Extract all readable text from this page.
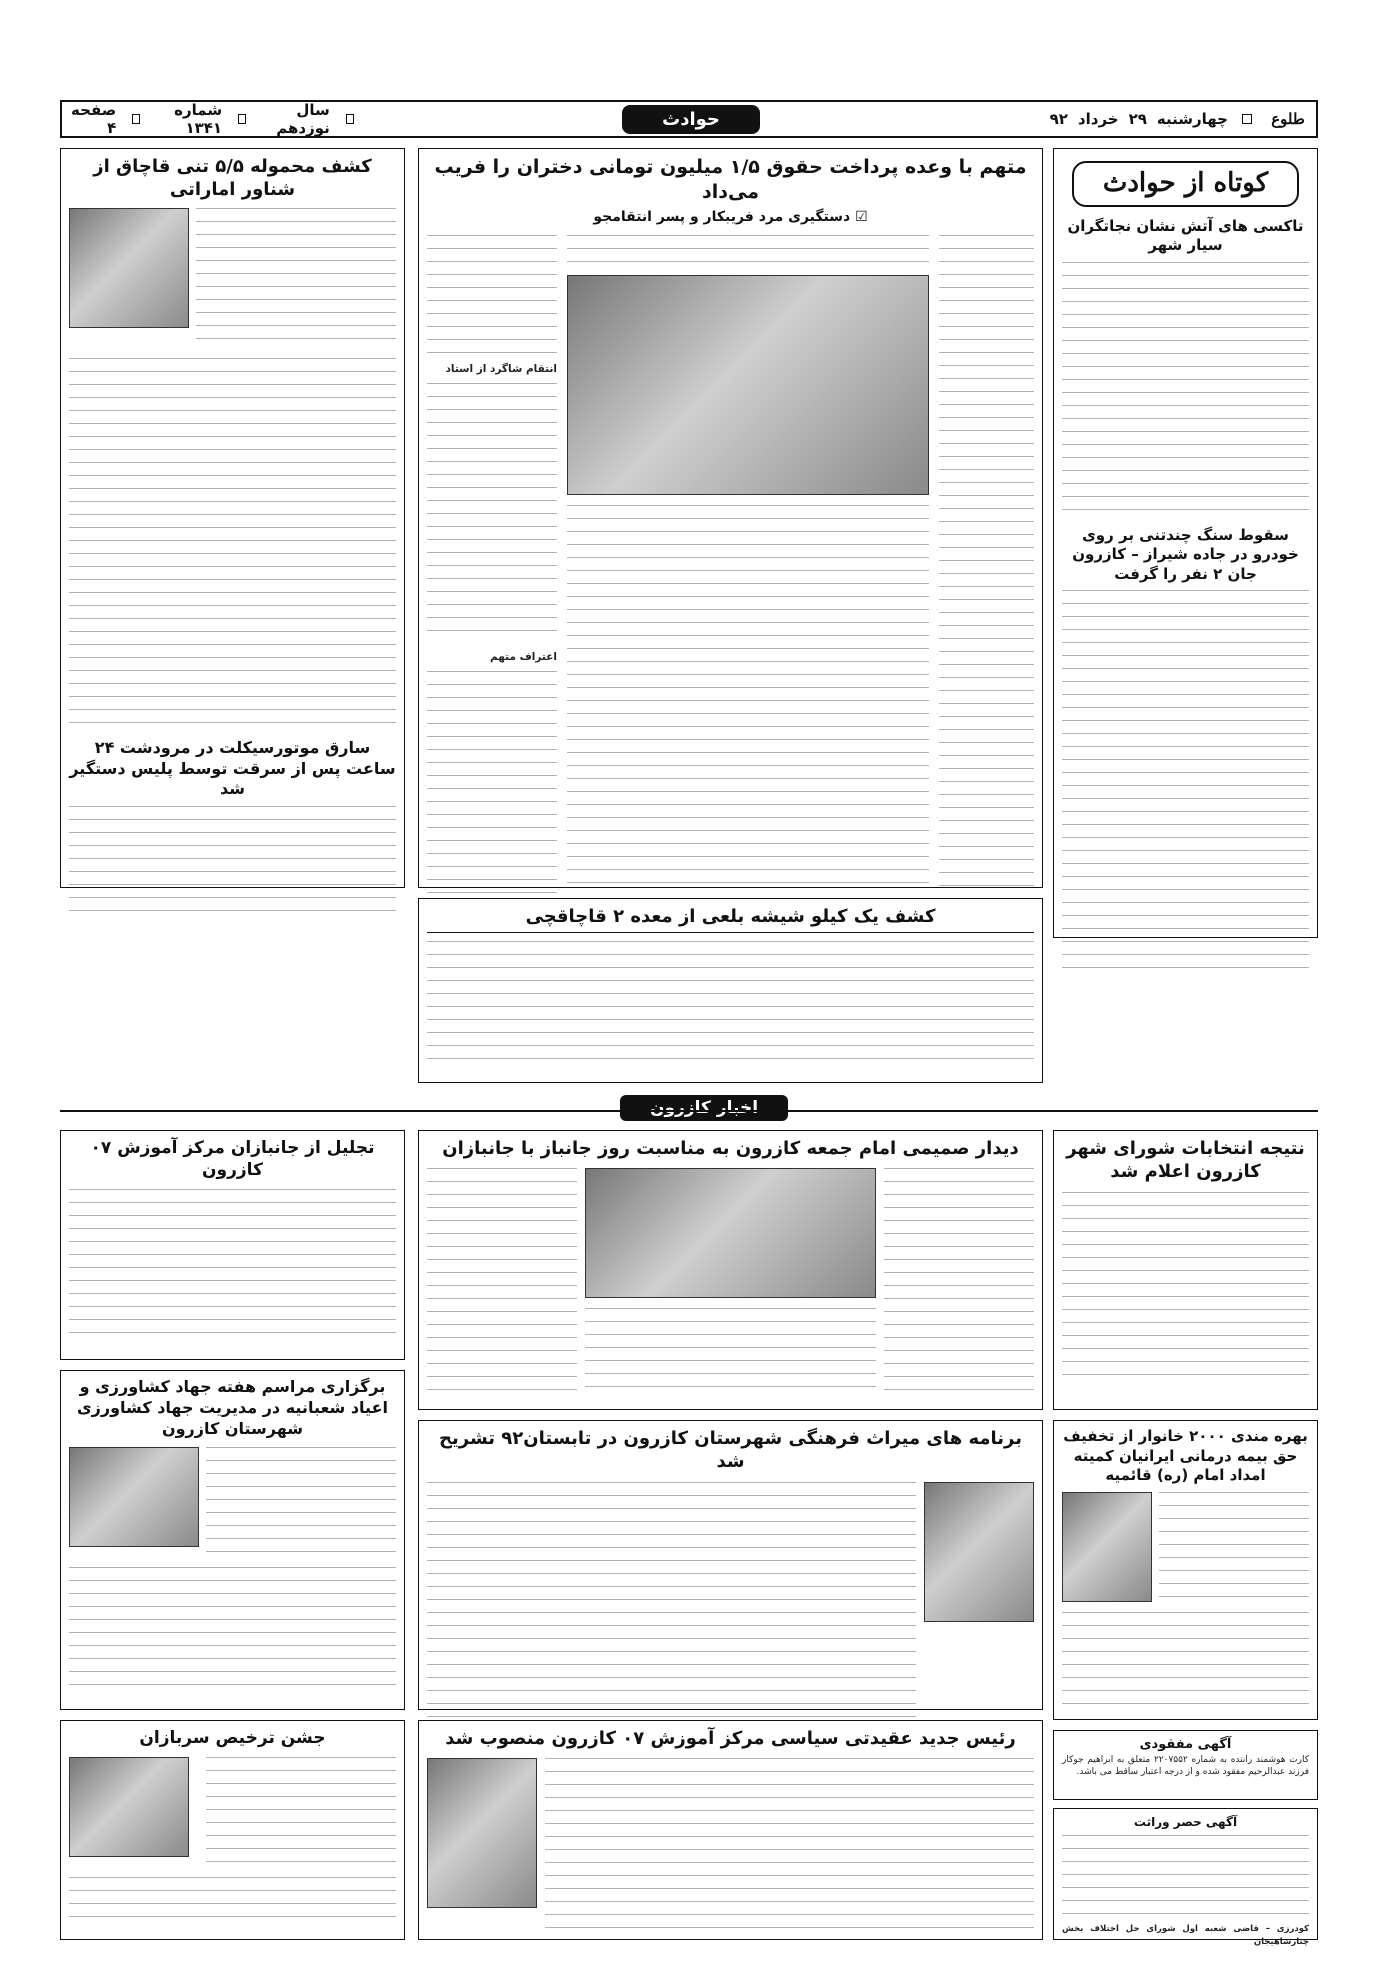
طلوع
چهارشنبه
۲۹
خرداد
۹۲
حوادث
سال نوزدهم
شماره ۱۳۴۱
صفحه ۴
کوتاه از حوادث
تاکسی های آتش نشان نجاتگران سیار شهر
سقوط سنگ چندتنی بر روی خودرو در جاده شیراز – کازرون جان ۲ نفر را گرفت
متهم با وعده پرداخت حقوق ۱/۵ میلیون تومانی دختران را فریب می‌داد
☑ دستگیری مرد فریبکار و پسر انتقامجو
انتقام شاگرد از استاد
اعتراف متهم
کشف محموله ۵/۵ تنی قاچاق از شناور اماراتی
سارق موتورسیکلت در مرودشت ۲۴ ساعت پس از سرقت توسط پلیس دستگیر شد
کشف یک کیلو شیشه بلعی از معده ۲ قاچاقچی
اخبار کازرون
نتیجه انتخابات شورای شهر کازرون اعلام شد
دیدار صمیمی امام جمعه کازرون به مناسبت روز جانباز با جانبازان
تجلیل از جانبازان مرکز آموزش ۰۷ کازرون
برگزاری مراسم هفته جهاد کشاورزی و اعیاد شعبانیه در مدیریت جهاد کشاورزی شهرستان کازرون	برنامه های میراث فرهنگی شهرستان کازرون در تابستان۹۲ تشریح شد
بهره مندی ۲۰۰۰ خانوار از تخفیف حق بیمه درمانی ایرانیان کمیته امداد امام (ره) قائمیه
رئیس جدید عقیدتی سیاسی مرکز آموزش ۰۷ کازرون منصوب شد
جشن ترخیص سربازان	آگهی مفقودی
کارت هوشمند راننده به شماره ۲۲۰۷۵۵۲ متعلق به ابراهیم جوکار فرزند عبدالرحیم مفقود شده و از درجه اعتبار ساقط می باشد.
آگهی حصر وراثت
کودرزی – قاضی شعبه اول شورای حل اختلاف بخش چنارشاهیجان
